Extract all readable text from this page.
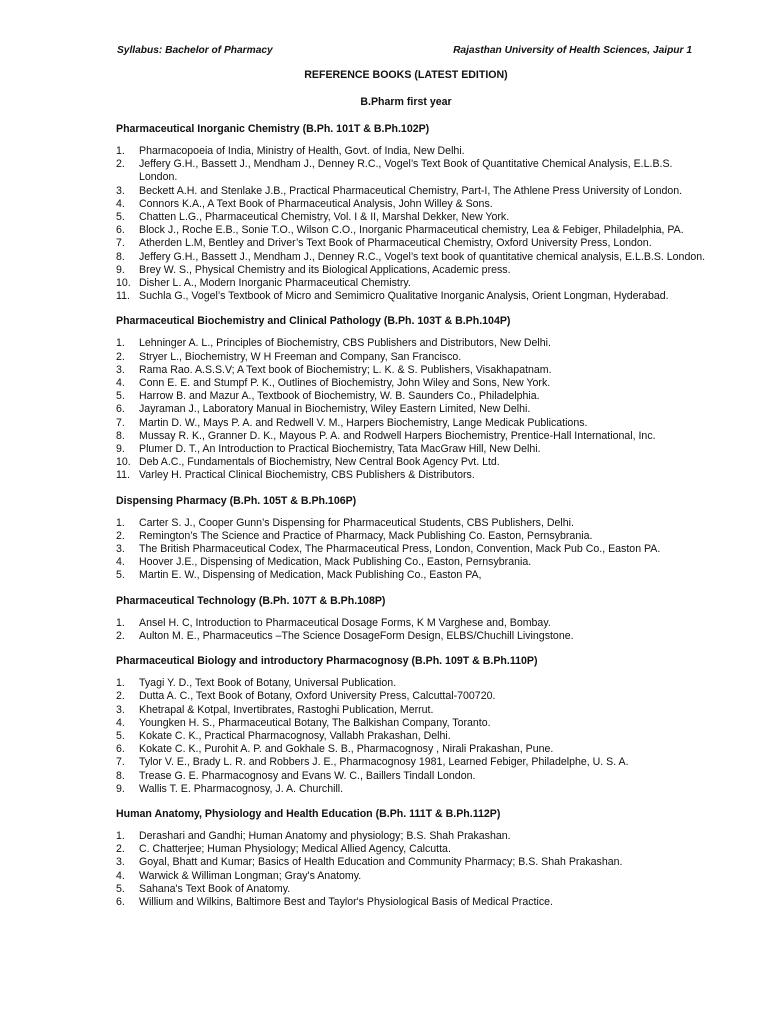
Syllabus: Bachelor of Pharmacy	Rajasthan University of Health Sciences, Jaipur 1
REFERENCE BOOKS (LATEST EDITION)
B.Pharm first year
Pharmaceutical Inorganic Chemistry (B.Ph. 101T & B.Ph.102P)
1. Pharmacopoeia of India, Ministry of Health, Govt. of India, New Delhi.
2. Jeffery G.H., Bassett J., Mendham J., Denney R.C., Vogel’s Text Book of Quantitative Chemical Analysis, E.L.B.S. London.
3. Beckett A.H. and Stenlake J.B., Practical Pharmaceutical Chemistry, Part-I, The Athlene Press University of London.
4. Connors K.A., A Text Book of Pharmaceutical Analysis, John Willey & Sons.
5. Chatten L.G., Pharmaceutical Chemistry, Vol. I & II, Marshal Dekker, New York.
6. Block J., Roche E.B., Sonie T.O., Wilson C.O., Inorganic Pharmaceutical chemistry, Lea & Febiger, Philadelphia, PA.
7. Atherden L.M, Bentley and Driver’s Text Book of Pharmaceutical Chemistry, Oxford University Press, London.
8. Jeffery G.H., Bassett J., Mendham J., Denney R.C., Vogel’s text book of quantitative chemical analysis, E.L.B.S. London.
9. Brey W. S., Physical Chemistry and its Biological Applications, Academic press.
10. Disher L. A., Modern Inorganic Pharmaceutical Chemistry.
11. Suchla G., Vogel’s Textbook of Micro and Semimicro Qualitative Inorganic Analysis, Orient Longman, Hyderabad.
Pharmaceutical Biochemistry and Clinical Pathology (B.Ph. 103T & B.Ph.104P)
1. Lehninger A. L., Principles of Biochemistry, CBS Publishers and Distributors, New Delhi.
2. Stryer L., Biochemistry, W H Freeman and Company, San Francisco.
3. Rama Rao. A.S.S.V; A Text book of Biochemistry; L. K. & S. Publishers, Visakhapatnam.
4. Conn E. E. and Stumpf P. K., Outlines of Biochemistry, John Wiley and Sons, New York.
5. Harrow B. and Mazur A., Textbook of Biochemistry, W. B. Saunders Co., Philadelphia.
6. Jayraman J., Laboratory Manual in Biochemistry, Wiley Eastern Limited, New Delhi.
7. Martin D. W., Mays P. A. and Redwell V. M., Harpers Biochemistry, Lange Medicak Publications.
8. Mussay R. K., Granner D. K., Mayous P. A. and Rodwell Harpers Biochemistry, Prentice-Hall International, Inc.
9. Plumer D. T., An Introduction to Practical Biochemistry, Tata MacGraw Hill, New Delhi.
10. Deb A.C., Fundamentals of Biochemistry, New Central Book Agency Pvt. Ltd.
11. Varley H. Practical Clinical Biochemistry, CBS Publishers & Distributors.
Dispensing Pharmacy (B.Ph. 105T & B.Ph.106P)
1. Carter S. J., Cooper Gunn’s Dispensing for Pharmaceutical Students, CBS Publishers, Delhi.
2. Remington’s The Science and Practice of Pharmacy, Mack Publishing Co. Easton, Pernsybrania.
3. The British Pharmaceutical Codex, The Pharmaceutical Press, London, Convention, Mack Pub Co., Easton PA.
4. Hoover J.E., Dispensing of Medication, Mack Publishing Co., Easton, Pernsybrania.
5. Martin E. W., Dispensing of Medication, Mack Publishing Co., Easton PA,
Pharmaceutical Technology (B.Ph. 107T & B.Ph.108P)
1. Ansel H. C, Introduction to Pharmaceutical Dosage Forms, K M Varghese and, Bombay.
2. Aulton M. E., Pharmaceutics –The Science DosageForm Design, ELBS/Chuchill Livingstone.
Pharmaceutical Biology and introductory Pharmacognosy (B.Ph. 109T & B.Ph.110P)
1. Tyagi Y. D., Text Book of Botany, Universal Publication.
2. Dutta A. C., Text Book of Botany, Oxford University Press, Calcuttal-700720.
3. Khetrapal & Kotpal, Invertibrates, Rastoghi Publication, Merrut.
4. Youngken H. S., Pharmaceutical Botany, The Balkishan Company, Toranto.
5. Kokate C. K., Practical Pharmacognosy, Vallabh Prakashan, Delhi.
6. Kokate C. K., Purohit A. P. and Gokhale S. B., Pharmacognosy , Nirali Prakashan, Pune.
7. Tylor V. E., Brady L. R. and Robbers J. E., Pharmacognosy 1981, Learned Febiger, Philadelphe, U. S. A.
8. Trease G. E. Pharmacognosy and Evans W. C., Baillers Tindall London.
9. Wallis T. E. Pharmacognosy, J. A. Churchill.
Human Anatomy, Physiology and Health Education (B.Ph. 111T & B.Ph.112P)
1. Derashari and Gandhi; Human Anatomy and physiology; B.S. Shah Prakashan.
2. C. Chatterjee; Human Physiology; Medical Allied Agency, Calcutta.
3. Goyal, Bhatt and Kumar; Basics of Health Education and Community Pharmacy; B.S. Shah Prakashan.
4. Warwick & Williman Longman; Gray's Anatomy.
5. Sahana's Text Book of Anatomy.
6. Willium and Wilkins, Baltimore Best and Taylor's Physiological Basis of Medical Practice.
